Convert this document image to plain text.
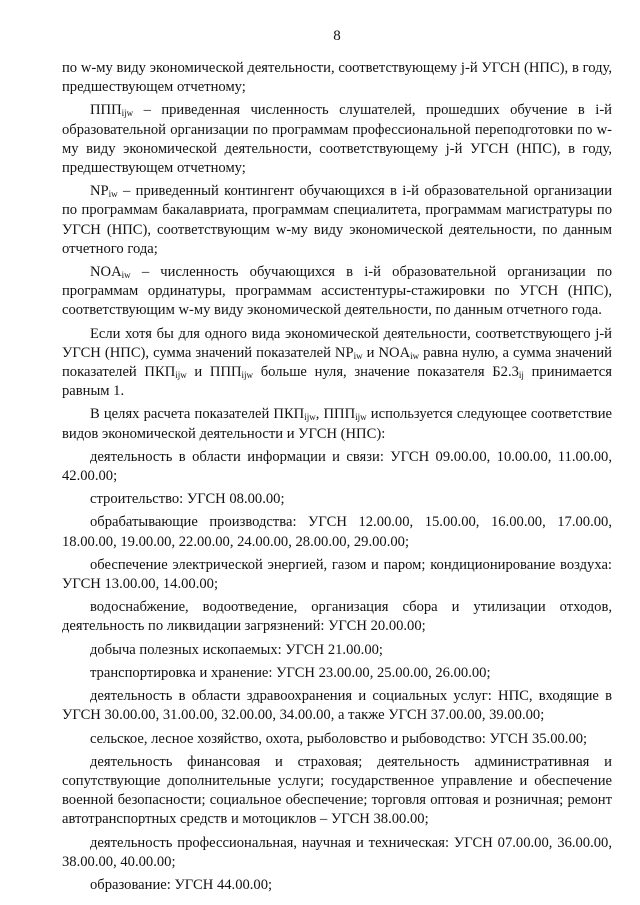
8

по w-му виду экономической деятельности, соответствующему j-й УГСН (НПС), в году, предшествующем отчетному;

$ППП_{ijw}$ – приведенная численность слушателей, прошедших обучение в i-й образовательной организации по программам профессиональной переподготовки по w-му виду экономической деятельности, соответствующему j-й УГСН (НПС), в году, предшествующем отчетному;

$NP_{iw}$ – приведенный контингент обучающихся в i-й образовательной организации по программам бакалавриата, программам специалитета, программам магистратуры по УГСН (НПС), соответствующим w-му виду экономической деятельности, по данным отчетного года;

$NOA_{iw}$ – численность обучающихся в i-й образовательной организации по программам ординатуры, программам ассистентуры-стажировки по УГСН (НПС), соответствующим w-му виду экономической деятельности, по данным отчетного года.

Если хотя бы для одного вида экономической деятельности, соответствующего j-й УГСН (НПС), сумма значений показателей $NP_{iw}$ и $NOA_{iw}$ равна нулю, а сумма значений показателей $ПКП_{ijw}$ и $ППП_{ijw}$ больше нуля, значение показателя $Б2.3_{ij}$ принимается равным 1.

В целях расчета показателей $ПКП_{ijw}$, $ППП_{ijw}$ используется следующее соответствие видов экономической деятельности и УГСН (НПС):

деятельность в области информации и связи: УГСН 09.00.00, 10.00.00, 11.00.00, 42.00.00;

строительство: УГСН 08.00.00;

обрабатывающие производства: УГСН 12.00.00, 15.00.00, 16.00.00, 17.00.00, 18.00.00, 19.00.00, 22.00.00, 24.00.00, 28.00.00, 29.00.00;

обеспечение электрической энергией, газом и паром; кондиционирование воздуха: УГСН 13.00.00, 14.00.00;

водоснабжение, водоотведение, организация сбора и утилизации отходов, деятельность по ликвидации загрязнений: УГСН 20.00.00;

добыча полезных ископаемых: УГСН 21.00.00;

транспортировка и хранение: УГСН 23.00.00, 25.00.00, 26.00.00;

деятельность в области здравоохранения и социальных услуг: НПС, входящие в УГСН 30.00.00, 31.00.00, 32.00.00, 34.00.00, а также УГСН 37.00.00, 39.00.00;

сельское, лесное хозяйство, охота, рыболовство и рыбоводство: УГСН 35.00.00;

деятельность финансовая и страховая; деятельность административная и сопутствующие дополнительные услуги; государственное управление и обеспечение военной безопасности; социальное обеспечение; торговля оптовая и розничная; ремонт автотранспортных средств и мотоциклов – УГСН 38.00.00;

деятельность профессиональная, научная и техническая: УГСН 07.00.00, 36.00.00, 38.00.00, 40.00.00;

образование: УГСН 44.00.00;
